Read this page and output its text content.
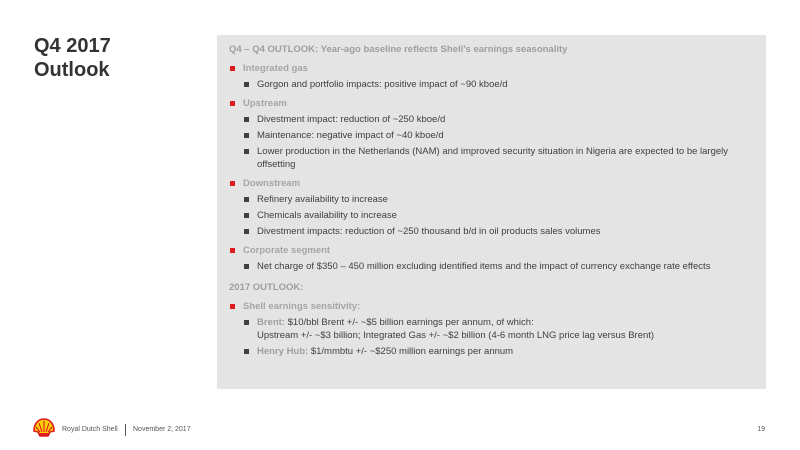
Q4 2017
Outlook
Q4 – Q4 OUTLOOK: Year-ago baseline reflects Shell’s earnings seasonality
Integrated gas
Gorgon and portfolio impacts: positive impact of ~90 kboe/d
Upstream
Divestment impact: reduction of ~250 kboe/d
Maintenance: negative impact of ~40 kboe/d
Lower production in the Netherlands (NAM) and improved security situation in Nigeria are expected to be largely offsetting
Downstream
Refinery availability to increase
Chemicals availability to increase
Divestment impacts: reduction of ~250 thousand b/d in oil products sales volumes
Corporate segment
Net charge of $350 – 450 million excluding identified items and the impact of currency exchange rate effects
2017 OUTLOOK:
Shell earnings sensitivity:
Brent: $10/bbl Brent +/- ~$5 billion earnings per annum, of which:
Upstream +/- ~$3 billion; Integrated Gas +/- ~$2 billion (4-6 month LNG price lag versus Brent)
Henry Hub: $1/mmbtu +/- ~$250 million earnings per annum
Royal Dutch Shell November 2, 2017	19
